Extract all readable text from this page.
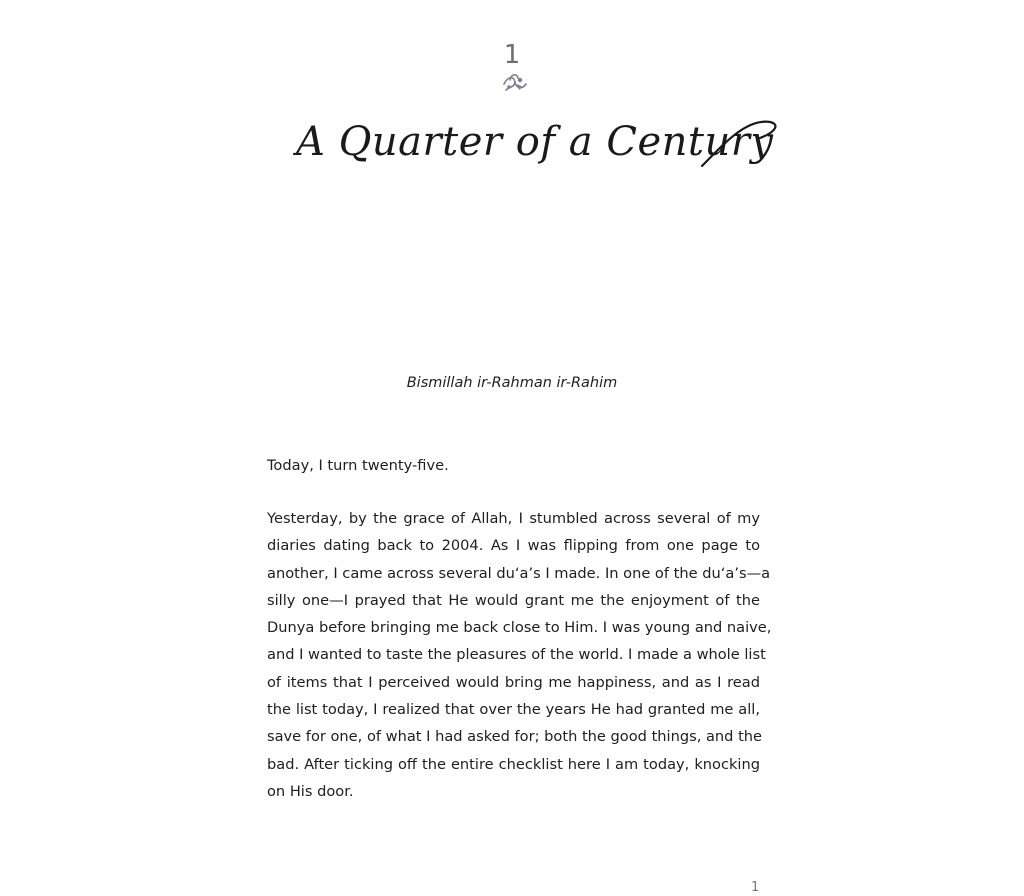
1
A Quarter of a Century
Bismillah ir-Rahman ir-Rahim
Today, I turn twenty-five.
Yesterday, by the grace of Allah, I stumbled across several of my
diaries dating back to 2004. As I was flipping from one page to
another, I came across several du‘a’s I made. In one of the du‘a’s—a
silly one—I prayed that He would grant me the enjoyment of the
Dunya before bringing me back close to Him. I was young and naive,
and I wanted to taste the pleasures of the world. I made a whole list
of items that I perceived would bring me happiness, and as I read
the list today, I realized that over the years He had granted me all,
save for one, of what I had asked for; both the good things, and the
bad. After ticking off the entire checklist here I am today, knocking
on His door.
1
